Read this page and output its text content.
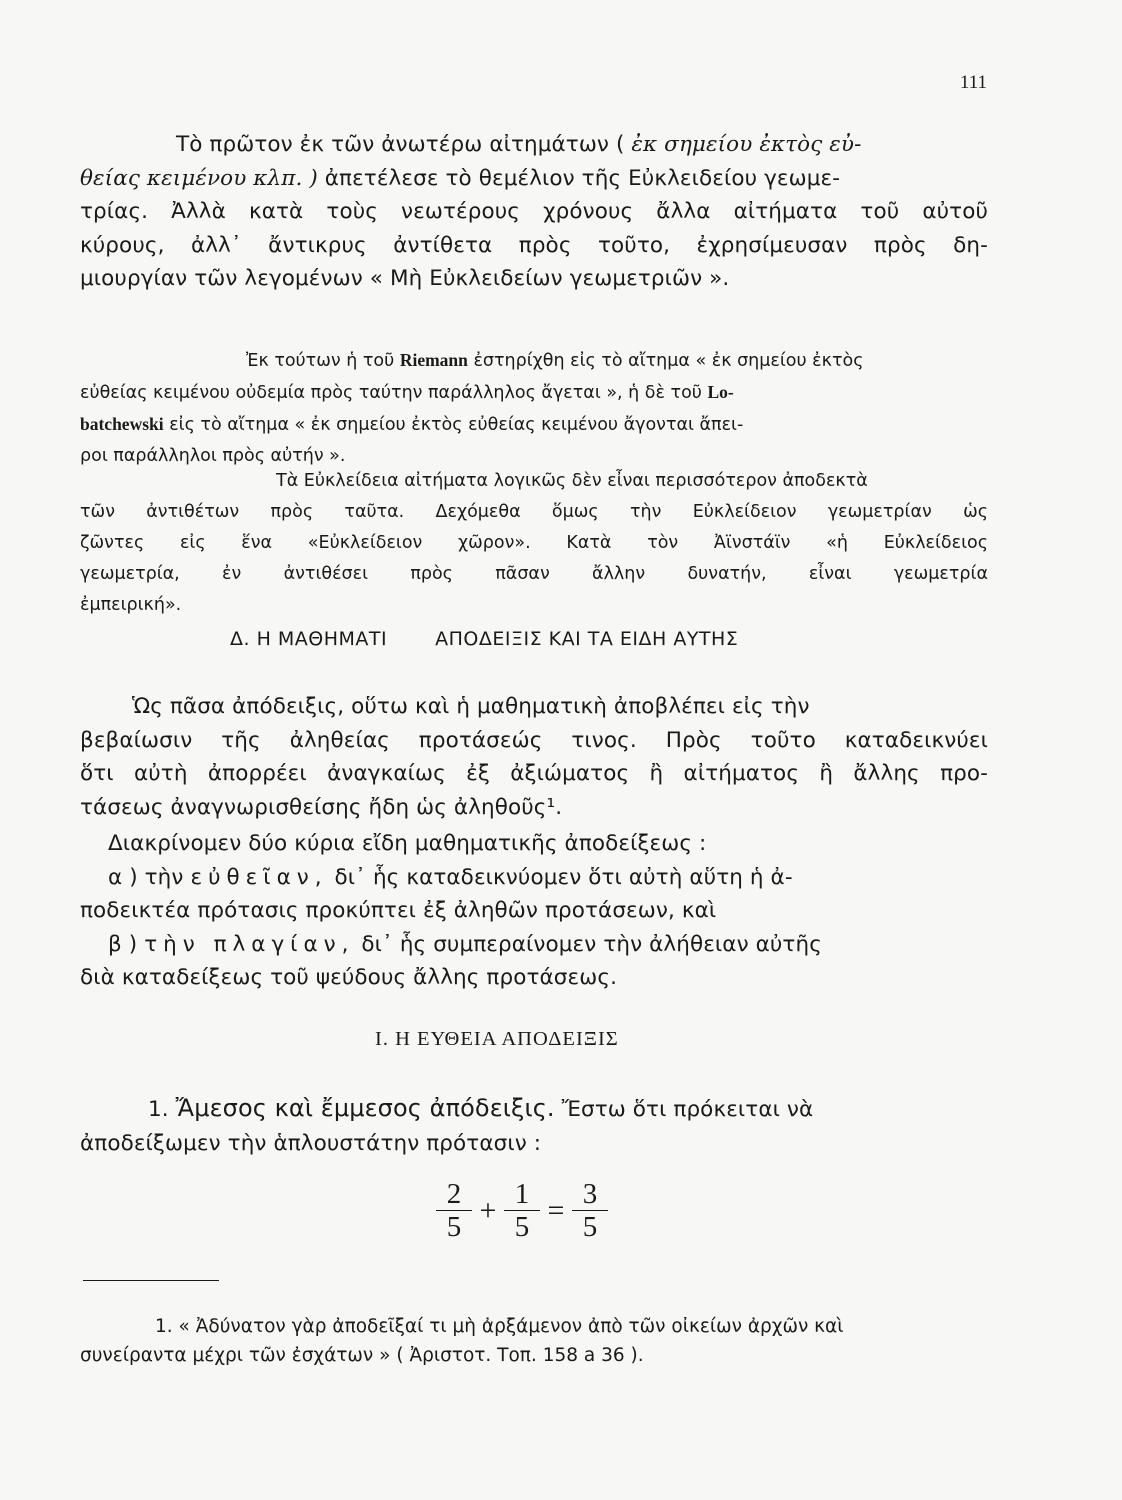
111
Τὸ πρῶτον ἐκ τῶν ἀνωτέρω αἰτημάτων ( ἐκ σημείου ἐκτὸς εὐ-
θείας κειμένου κλπ. ) ἀπετέλεσε τὸ θεμέλιον τῆς Εὐκλειδείου γεωμε-
τρίας. Ἀλλὰ κατὰ τοὺς νεωτέρους χρόνους ἄλλα αἰτήματα τοῦ αὐτοῦ
κύρους, ἀλλ᾽ ἄντικρυς ἀντίθετα πρὸς τοῦτο, ἐχρησίμευσαν πρὸς δη-
μιουργίαν τῶν λεγομένων « Μὴ Εὐκλειδείων γεωμετριῶν ».
Ἐκ τούτων ἡ τοῦ Riemann ἐστηρίχθη εἰς τὸ αἴτημα « ἐκ σημείου ἐκτὸς
εὐθείας κειμένου οὐδεμία πρὸς ταύτην παράλληλος ἄγεται », ἡ δὲ τοῦ Lo-
batchewski εἰς τὸ αἴτημα « ἐκ σημείου ἐκτὸς εὐθείας κειμένου ἄγονται ἄπει-
ροι παράλληλοι πρὸς αὐτήν ».
Τὰ Εὐκλείδεια αἰτήματα λογικῶς δὲν εἶναι περισσότερον ἀποδεκτὰ
τῶν ἀντιθέτων πρὸς ταῦτα. Δεχόμεθα ὅμως τὴν Εὐκλείδειον γεωμετρίαν ὡς
ζῶντες εἰς ἕνα «Εὐκλείδειον χῶρον». Κατὰ τὸν Ἀϊνστάϊν «ἡ Εὐκλείδειος
γεωμετρία, ἐν ἀντιθέσει πρὸς πᾶσαν ἄλλην δυνατήν, εἶναι γεωμετρία
ἐμπειρική».
Δ. Η ΜΑΘΗΜΑΤΙ	ΑΠΟΔΕΙΞΙΣ ΚΑΙ ΤΑ ΕΙΔΗ ΑΥΤΗΣ
Ὡς πᾶσα ἀπόδειξις, οὕτω καὶ ἡ μαθηματικὴ ἀποβλέπει εἰς τὴν
βεβαίωσιν τῆς ἀληθείας προτάσεώς τινος. Πρὸς τοῦτο καταδεικνύει
ὅτι αὐτὴ ἀπορρέει ἀναγκαίως ἐξ ἀξιώματος ἢ αἰτήματος ἢ ἄλλης προ-
τάσεως ἀναγνωρισθείσης ἤδη ὡς ἀληθοῦς¹.
Διακρίνομεν δύο κύρια εἴδη μαθηματικῆς ἀποδείξεως :
α ) τὴν εὐθεῖαν, δι᾽ ἧς καταδεικνύομεν ὅτι αὐτὴ αὕτη ἡ ἀ-
ποδεικτέα πρότασις προκύπτει ἐξ ἀληθῶν προτάσεων, καὶ
β ) τὴν πλαγίαν, δι᾽ ἧς συμπεραίνομεν τὴν ἀλήθειαν αὐτῆς
διὰ καταδείξεως τοῦ ψεύδους ἄλλης προτάσεως.
Ι. Η ΕΥΘΕΙΑ ΑΠΟΔΕΙΞΙΣ
1. Ἄμεσος καὶ ἔμμεσος ἀπόδειξις. Ἔστω ὅτι πρόκειται νὰ
ἀποδείξωμεν τὴν ἁπλουστάτην πρότασιν :
$\frac{2}{5} + \frac{1}{5} = \frac{3}{5}$
1. « Ἀδύνατον γὰρ ἀποδεῖξαί τι μὴ ἀρξάμενον ἀπὸ τῶν οἰκείων ἀρχῶν καὶ
συνείραντα μέχρι τῶν ἐσχάτων » ( Ἀριστοτ. Τοπ. 158 a 36 ).
